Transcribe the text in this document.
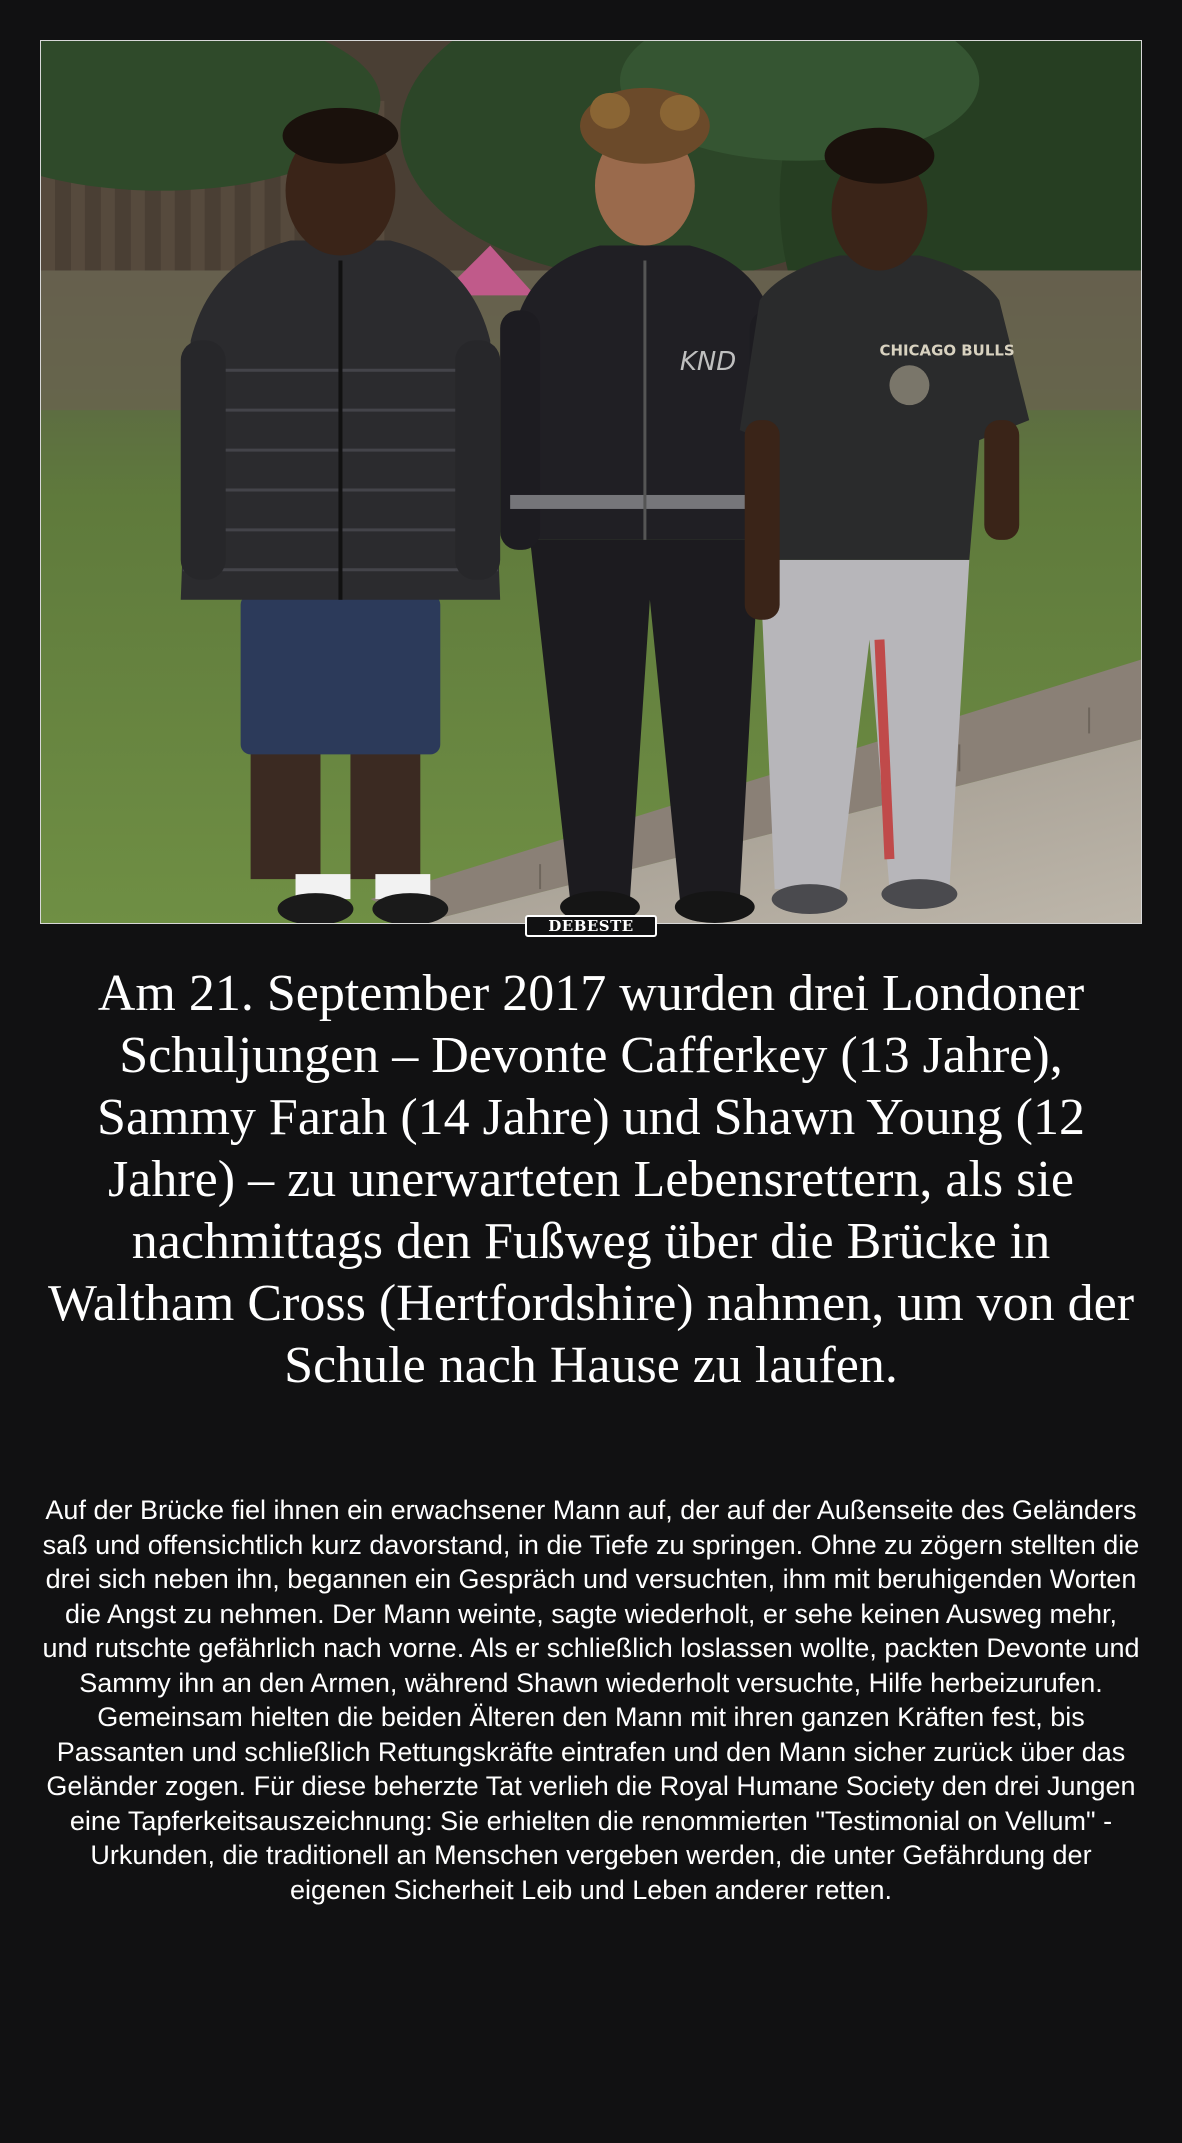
KND	CHICAGO BULLS
DEBESTE
Am 21. September 2017 wurden drei Londoner Schuljungen – Devonte Cafferkey (13 Jahre), Sammy Farah (14 Jahre) und Shawn Young (12 Jahre) – zu unerwarteten Lebensrettern, als sie nachmittags den Fußweg über die Brücke in Waltham Cross (Hertfordshire) nahmen, um von der Schule nach Hause zu laufen.

Auf der Brücke fiel ihnen ein erwachsener Mann auf, der auf der Außenseite des Geländers saß und offensichtlich kurz davorstand, in die Tiefe zu springen. Ohne zu zögern stellten die drei sich neben ihn, begannen ein Gespräch und versuchten, ihm mit beruhigenden Worten die Angst zu nehmen. Der Mann weinte, sagte wiederholt, er sehe keinen Ausweg mehr, und rutschte gefährlich nach vorne. Als er schließlich loslassen wollte, packten Devonte und Sammy ihn an den Armen, während Shawn wiederholt versuchte, Hilfe herbeizurufen. Gemeinsam hielten die beiden Älteren den Mann mit ihren ganzen Kräften fest, bis Passanten und schließlich Rettungskräfte eintrafen und den Mann sicher zurück über das Geländer zogen. Für diese beherzte Tat verlieh die Royal Humane Society den drei Jungen eine Tapferkeitsauszeichnung: Sie erhielten die renommierten "Testimonial on Vellum" - Urkunden, die traditionell an Menschen vergeben werden, die unter Gefährdung der eigenen Sicherheit Leib und Leben anderer retten.
